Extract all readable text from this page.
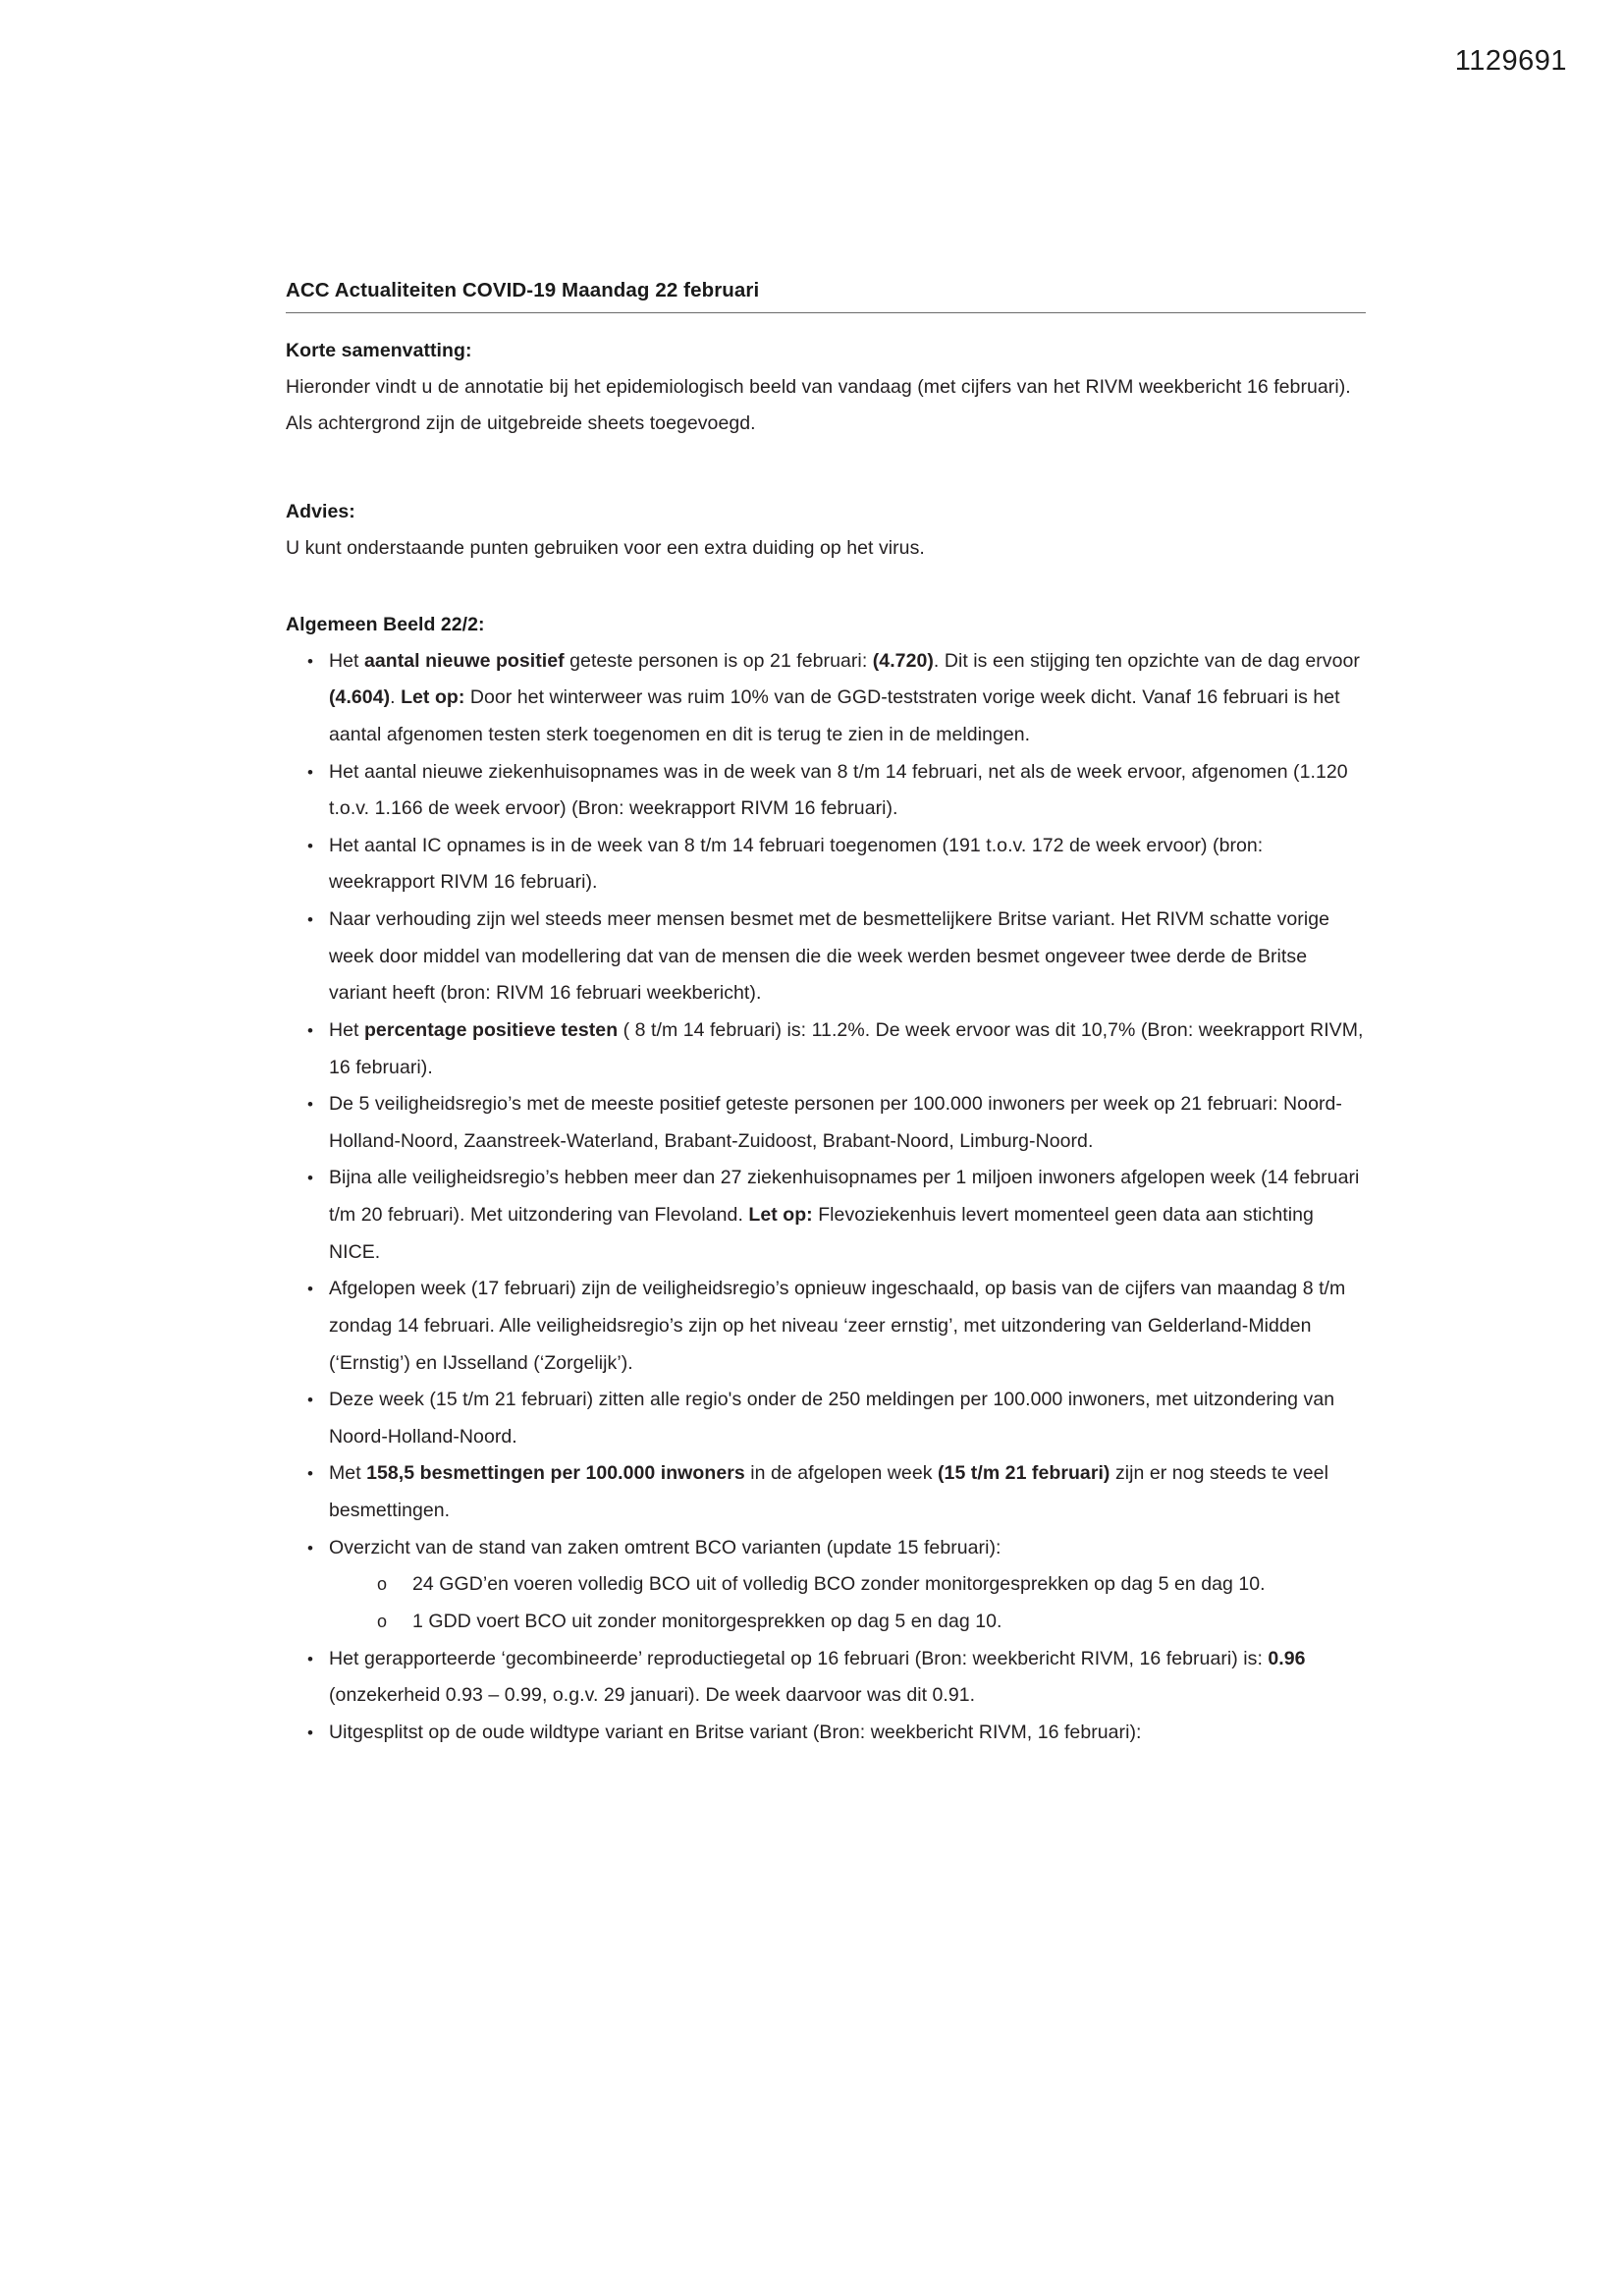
1129691
ACC Actualiteiten COVID-19 Maandag 22 februari
Korte samenvatting:
Hieronder vindt u de annotatie bij het epidemiologisch beeld van vandaag (met cijfers van het RIVM weekbericht 16 februari). Als achtergrond zijn de uitgebreide sheets toegevoegd.
Advies:
U kunt onderstaande punten gebruiken voor een extra duiding op het virus.
Algemeen Beeld 22/2:
• Het aantal nieuwe positief geteste personen is op 21 februari: (4.720). Dit is een stijging ten opzichte van de dag ervoor (4.604). Let op: Door het winterweer was ruim 10% van de GGD-teststraten vorige week dicht. Vanaf 16 februari is het aantal afgenomen testen sterk toegenomen en dit is terug te zien in de meldingen.
• Het aantal nieuwe ziekenhuisopnames was in de week van 8 t/m 14 februari, net als de week ervoor, afgenomen (1.120 t.o.v. 1.166 de week ervoor) (Bron: weekrapport RIVM 16 februari).
• Het aantal IC opnames is in de week van 8 t/m 14 februari toegenomen (191 t.o.v. 172 de week ervoor) (bron: weekrapport RIVM 16 februari).
• Naar verhouding zijn wel steeds meer mensen besmet met de besmettelijkere Britse variant. Het RIVM schatte vorige week door middel van modellering dat van de mensen die die week werden besmet ongeveer twee derde de Britse variant heeft (bron: RIVM 16 februari weekbericht).
• Het percentage positieve testen ( 8 t/m 14 februari) is: 11.2%. De week ervoor was dit 10,7% (Bron: weekrapport RIVM, 16 februari).
• De 5 veiligheidsregio’s met de meeste positief geteste personen per 100.000 inwoners per week op 21 februari: Noord-Holland-Noord, Zaanstreek-Waterland, Brabant-Zuidoost, Brabant-Noord, Limburg-Noord.
• Bijna alle veiligheidsregio’s hebben meer dan 27 ziekenhuisopnames per 1 miljoen inwoners afgelopen week (14 februari t/m 20 februari). Met uitzondering van Flevoland. Let op: Flevoziekenhuis levert momenteel geen data aan stichting NICE.
• Afgelopen week (17 februari) zijn de veiligheidsregio’s opnieuw ingeschaald, op basis van de cijfers van maandag 8 t/m zondag 14 februari. Alle veiligheidsregio’s zijn op het niveau ‘zeer ernstig’, met uitzondering van Gelderland-Midden (‘Ernstig’) en IJsselland (‘Zorgelijk’).
• Deze week (15 t/m 21 februari) zitten alle regio's onder de 250 meldingen per 100.000 inwoners, met uitzondering van Noord-Holland-Noord.
• Met 158,5 besmettingen per 100.000 inwoners in de afgelopen week (15 t/m 21 februari) zijn er nog steeds te veel besmettingen.
• Overzicht van de stand van zaken omtrent BCO varianten (update 15 februari):
o 24 GGD’en voeren volledig BCO uit of volledig BCO zonder monitorgesprekken op dag 5 en dag 10.
o 1 GDD voert BCO uit zonder monitorgesprekken op dag 5 en dag 10.
• Het gerapporteerde ‘gecombineerde’ reproductiegetal op 16 februari (Bron: weekbericht RIVM, 16 februari) is: 0.96 (onzekerheid 0.93 – 0.99, o.g.v. 29 januari). De week daarvoor was dit 0.91.
• Uitgesplitst op de oude wildtype variant en Britse variant (Bron: weekbericht RIVM, 16 februari):
